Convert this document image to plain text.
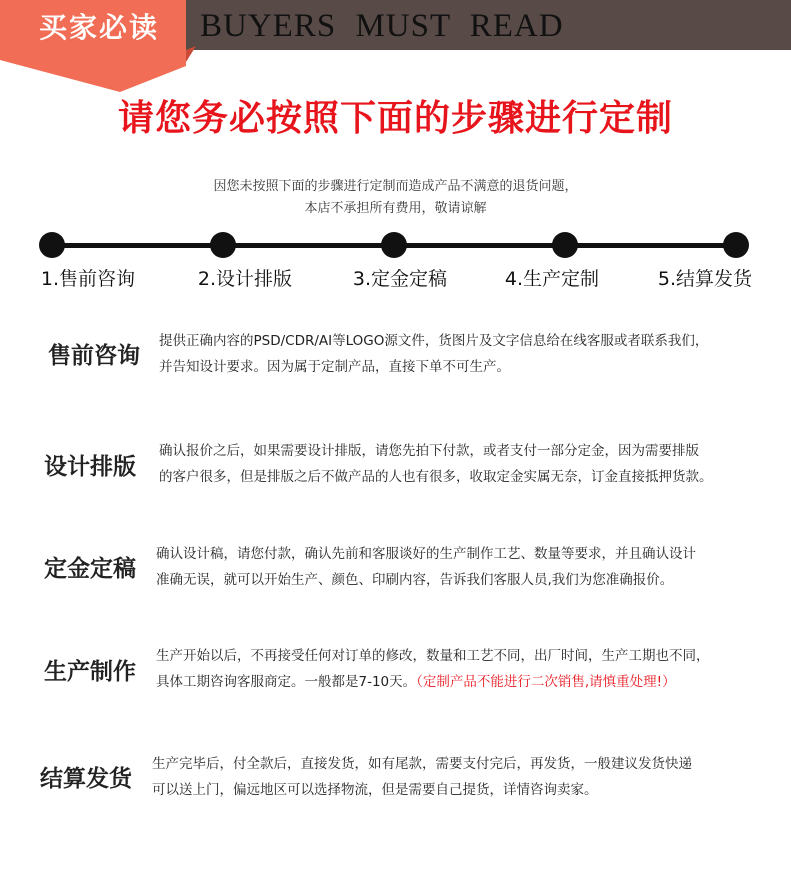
BUYERS MUST READ
买家必读
请您务必按照下面的步骤进行定制
因您未按照下面的步骤进行定制而造成产品不满意的退货问题，
本店不承担所有费用，敬请谅解
1.售前咨询	2.设计排版	3.定金定稿	4.生产定制	5.结算发货
售前咨询
提供正确内容的PSD/CDR/AI等LOGO源文件，货图片及文字信息给在线客服或者联系我们，
并告知设计要求。因为属于定制产品，直接下单不可生产。
设计排版
确认报价之后，如果需要设计排版，请您先拍下付款，或者支付一部分定金，因为需要排版
的客户很多，但是排版之后不做产品的人也有很多，收取定金实属无奈，订金直接抵押货款。
定金定稿
确认设计稿，请您付款，确认先前和客服谈好的生产制作工艺、数量等要求，并且确认设计
准确无误，就可以开始生产、颜色、印刷内容，告诉我们客服人员,我们为您准确报价。
生产制作
生产开始以后，不再接受任何对订单的修改，数量和工艺不同，出厂时间，生产工期也不同，
具体工期咨询客服商定。一般都是7-10天。（定制产品不能进行二次销售,请慎重处理!）
结算发货
生产完毕后，付全款后，直接发货，如有尾款，需要支付完后，再发货，一般建议发货快递
可以送上门，偏远地区可以选择物流，但是需要自己提货，详情咨询卖家。
